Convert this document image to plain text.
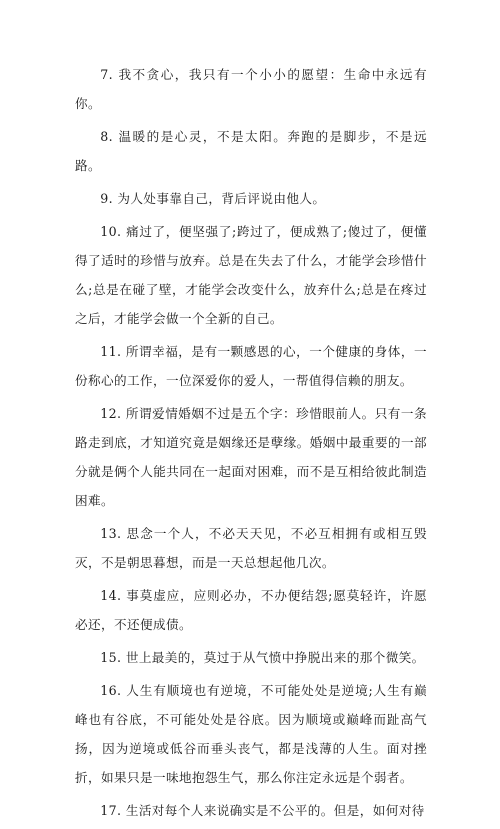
7. 我不贪心，我只有一个小小的愿望：生命中永远有你。

8. 温暖的是心灵，不是太阳。奔跑的是脚步，不是远路。

9. 为人处事靠自己，背后评说由他人。

10. 痛过了，便坚强了;跨过了，便成熟了;傻过了，便懂得了适时的珍惜与放弃。总是在失去了什么，才能学会珍惜什么;总是在碰了壁，才能学会改变什么，放弃什么;总是在疼过之后，才能学会做一个全新的自己。

11. 所谓幸福，是有一颗感恩的心，一个健康的身体，一份称心的工作，一位深爱你的爱人，一帮值得信赖的朋友。

12. 所谓爱情婚姻不过是五个字：珍惜眼前人。只有一条路走到底，才知道究竟是姻缘还是孽缘。婚姻中最重要的一部分就是俩个人能共同在一起面对困难，而不是互相给彼此制造困难。

13. 思念一个人，不必天天见，不必互相拥有或相互毁灭，不是朝思暮想，而是一天总想起他几次。

14. 事莫虚应，应则必办，不办便结怨;愿莫轻许，许愿必还，不还便成债。

15. 世上最美的，莫过于从气愤中挣脱出来的那个微笑。

16. 人生有顺境也有逆境，不可能处处是逆境;人生有巅峰也有谷底，不可能处处是谷底。因为顺境或巅峰而趾高气扬，因为逆境或低谷而垂头丧气，都是浅薄的人生。面对挫折，如果只是一味地抱怨生气，那么你注定永远是个弱者。

17. 生活对每个人来说确实是不公平的。但是，如何对待
